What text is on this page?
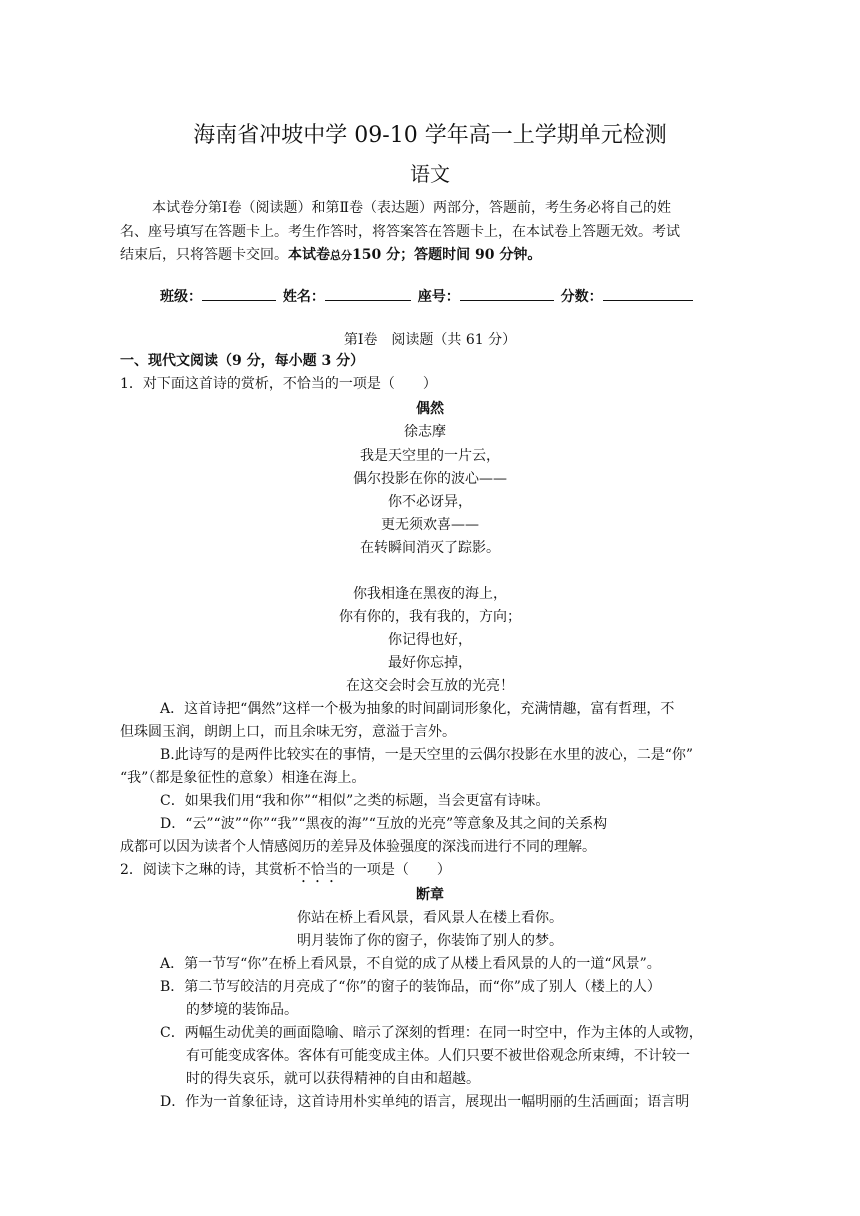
海南省冲坡中学 09-10 学年高一上学期单元检测
语文
本试卷分第Ⅰ卷（阅读题）和第Ⅱ卷（表达题）两部分，答题前，考生务必将自己的姓
名、座号填写在答题卡上。考生作答时，将答案答在答题卡上，在本试卷上答题无效。考试
结束后，只将答题卡交回。本试卷总分150 分；答题时间 90 分钟。
班级：	姓名：	座号：	分数：
第Ⅰ卷　阅读题（共 61 分）
一、现代文阅读（9 分，每小题 3 分）
1．对下面这首诗的赏析，不恰当的一项是（　　）
偶然
徐志摩
我是天空里的一片云，
偶尔投影在你的波心——
你不必讶异，
更无须欢喜——
在转瞬间消灭了踪影。
你我相逢在黑夜的海上，
你有你的，我有我的，方向；
你记得也好，
最好你忘掉，
在这交会时会互放的光亮！
A．这首诗把“偶然”这样一个极为抽象的时间副词形象化，充满情趣，富有哲理，不
但珠圆玉润，朗朗上口，而且余味无穷，意溢于言外。
B.此诗写的是两件比较实在的事情，一是天空里的云偶尔投影在水里的波心，二是“你”
“我”（都是象征性的意象）相逢在海上。
C．如果我们用“我和你”“相似”之类的标题，当会更富有诗味。
D．“云”“波”“你”“我”“黑夜的海”“互放的光亮”等意象及其之间的关系构
成都可以因为读者个人情感阅历的差异及体验强度的深浅而进行不同的理解。
2．阅读卞之琳的诗，其赏析不恰当的一项是（　　）
断章
你站在桥上看风景，看风景人在楼上看你。
明月装饰了你的窗子，你装饰了别人的梦。
A．第一节写“你”在桥上看风景，不自觉的成了从楼上看风景的人的一道“风景”。
B．第二节写皎洁的月亮成了“你”的窗子的装饰品，而“你”成了别人（楼上的人）
的梦境的装饰品。
C．两幅生动优美的画面隐喻、暗示了深刻的哲理：在同一时空中，作为主体的人或物，
有可能变成客体。客体有可能变成主体。人们只要不被世俗观念所束缚，不计较一
时的得失哀乐，就可以获得精神的自由和超越。
D．作为一首象征诗，这首诗用朴实单纯的语言，展现出一幅明丽的生活画面；语言明
